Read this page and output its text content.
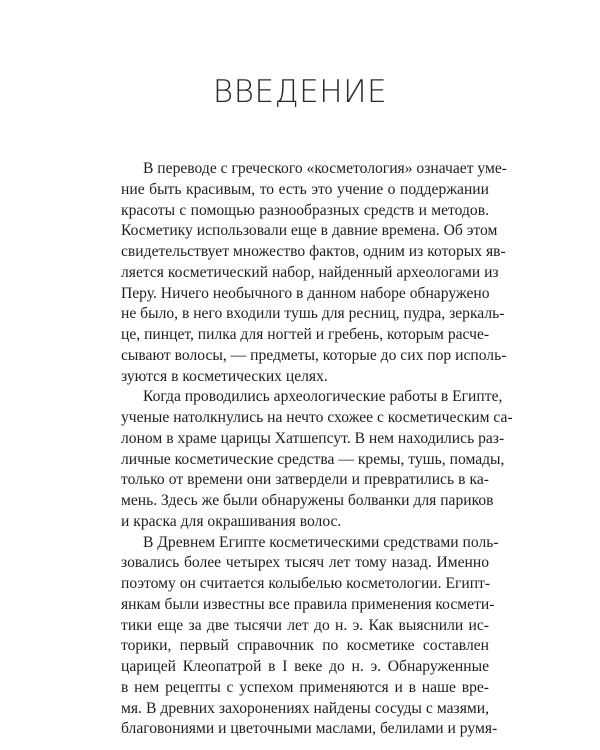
ВВЕДЕНИЕ

В переводе с греческого «косметология» означает уме-
ние быть красивым, то есть это учение о поддержании
красоты с помощью разнообразных средств и методов.
Косметику использовали еще в давние времена. Об этом
свидетельствует множество фактов, одним из которых яв-
ляется косметический набор, найденный археологами из
Перу. Ничего необычного в данном наборе обнаружено
не было, в него входили тушь для ресниц, пудра, зеркаль-
це, пинцет, пилка для ногтей и гребень, которым расче-
сывают волосы, — предметы, которые до сих пор исполь-
зуются в косметических целях.

Когда проводились археологические работы в Египте,
ученые натолкнулись на нечто схожее с косметическим са-
лоном в храме царицы Хатшепсут. В нем находились раз-
личные косметические средства — кремы, тушь, помады,
только от времени они затвердели и превратились в ка-
мень. Здесь же были обнаружены болванки для париков
и краска для окрашивания волос.

В Древнем Египте косметическими средствами поль-
зовались более четырех тысяч лет тому назад. Именно
поэтому он считается колыбелью косметологии. Египт-
янкам были известны все правила применения космети-
тики еще за две тысячи лет до н. э. Как выяснили ис-
торики, первый справочник по косметике составлен
царицей Клеопатрой в I веке до н. э. Обнаруженные
в нем рецепты с успехом применяются и в наше вре-
мя. В древних захоронениях найдены сосуды с мазями,
благовониями и цветочными маслами, белилами и румя-
